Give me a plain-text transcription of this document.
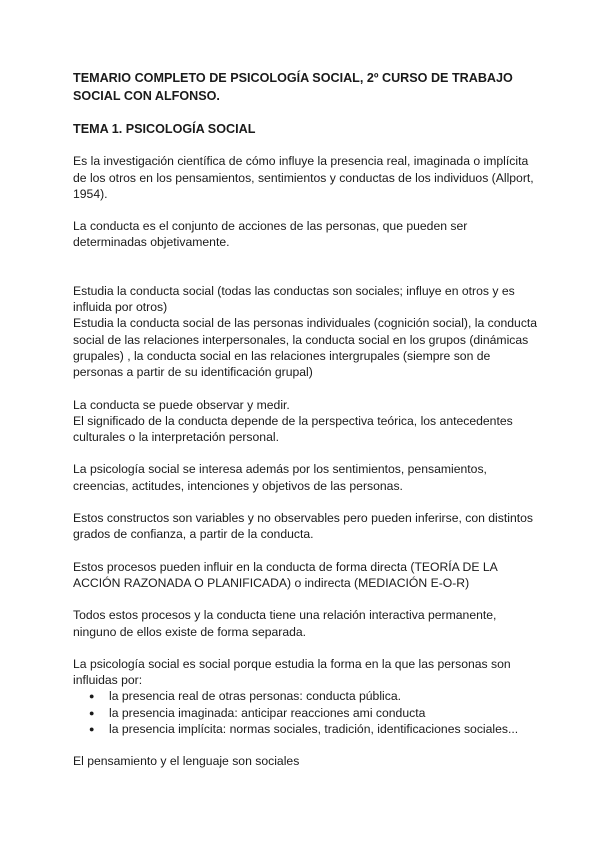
TEMARIO COMPLETO DE PSICOLOGÍA SOCIAL, 2º CURSO DE TRABAJO SOCIAL CON ALFONSO.

TEMA 1. PSICOLOGÍA SOCIAL

Es la investigación científica de cómo influye la presencia real, imaginada o implícita de los otros en los pensamientos, sentimientos y conductas de los individuos (Allport, 1954).

La conducta es el conjunto de acciones de las personas, que pueden ser determinadas objetivamente.

Estudia la conducta social (todas las conductas son sociales; influye en otros y es influida por otros)

Estudia la conducta social de las personas individuales (cognición social), la conducta social de las relaciones interpersonales, la conducta social en los grupos (dinámicas grupales) , la conducta social en las relaciones intergrupales (siempre son de personas a partir de su identificación grupal)

La conducta se puede observar y medir.

El significado de la conducta depende de la perspectiva teórica, los antecedentes culturales o la interpretación personal.

La psicología social se interesa además por los sentimientos, pensamientos, creencias, actitudes, intenciones y objetivos de las personas.

Estos constructos son variables y no observables pero pueden inferirse, con distintos grados de confianza, a partir de la conducta.

Estos procesos pueden influir en la conducta de forma directa (TEORÍA DE LA ACCIÓN RAZONADA O PLANIFICADA) o indirecta (MEDIACIÓN E-O-R)

Todos estos procesos y la conducta tiene una relación interactiva permanente, ninguno de ellos existe de forma separada.

La psicología social es social porque estudia la forma en la que las personas son influidas por:

● la presencia real de otras personas: conducta pública.
● la presencia imaginada: anticipar reacciones ami conducta
● la presencia implícita: normas sociales, tradición, identificaciones sociales...

El pensamiento y el lenguaje son sociales
